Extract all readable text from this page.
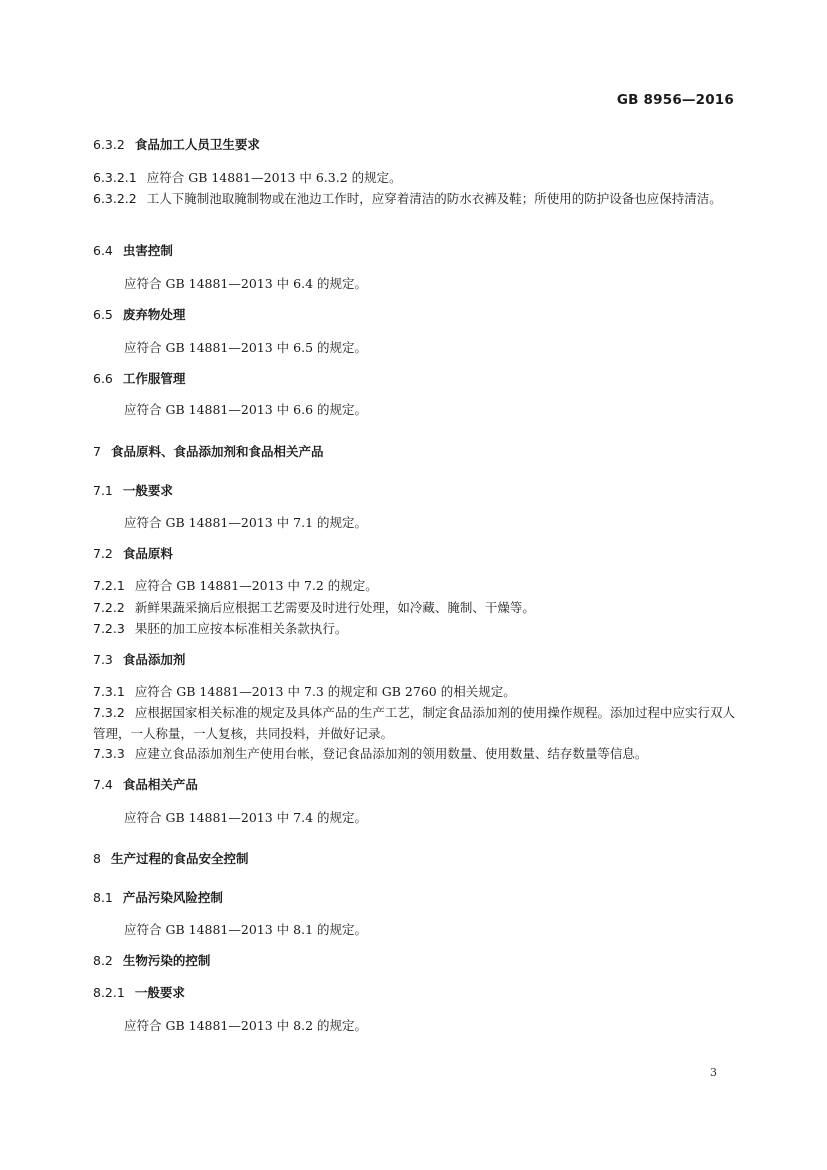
GB 8956—2016
6.3.2 食品加工人员卫生要求
6.3.2.1 应符合 GB 14881—2013 中 6.3.2 的规定。
6.3.2.2 工人下腌制池取腌制物或在池边工作时，应穿着清洁的防水衣裤及鞋；所使用的防护设备也应保持清洁。
6.4 虫害控制
应符合 GB 14881—2013 中 6.4 的规定。
6.5 废弃物处理
应符合 GB 14881—2013 中 6.5 的规定。
6.6 工作服管理
应符合 GB 14881—2013 中 6.6 的规定。
7 食品原料、食品添加剂和食品相关产品
7.1 一般要求
应符合 GB 14881—2013 中 7.1 的规定。
7.2 食品原料
7.2.1 应符合 GB 14881—2013 中 7.2 的规定。
7.2.2 新鲜果蔬采摘后应根据工艺需要及时进行处理，如冷藏、腌制、干燥等。
7.2.3 果胚的加工应按本标准相关条款执行。
7.3 食品添加剂
7.3.1 应符合 GB 14881—2013 中 7.3 的规定和 GB 2760 的相关规定。
7.3.2 应根据国家相关标准的规定及具体产品的生产工艺，制定食品添加剂的使用操作规程。添加过程中应实行双人管理，一人称量，一人复核，共同投料，并做好记录。
7.3.3 应建立食品添加剂生产使用台帐，登记食品添加剂的领用数量、使用数量、结存数量等信息。
7.4 食品相关产品
应符合 GB 14881—2013 中 7.4 的规定。
8 生产过程的食品安全控制
8.1 产品污染风险控制
应符合 GB 14881—2013 中 8.1 的规定。
8.2 生物污染的控制
8.2.1 一般要求
应符合 GB 14881—2013 中 8.2 的规定。
3
